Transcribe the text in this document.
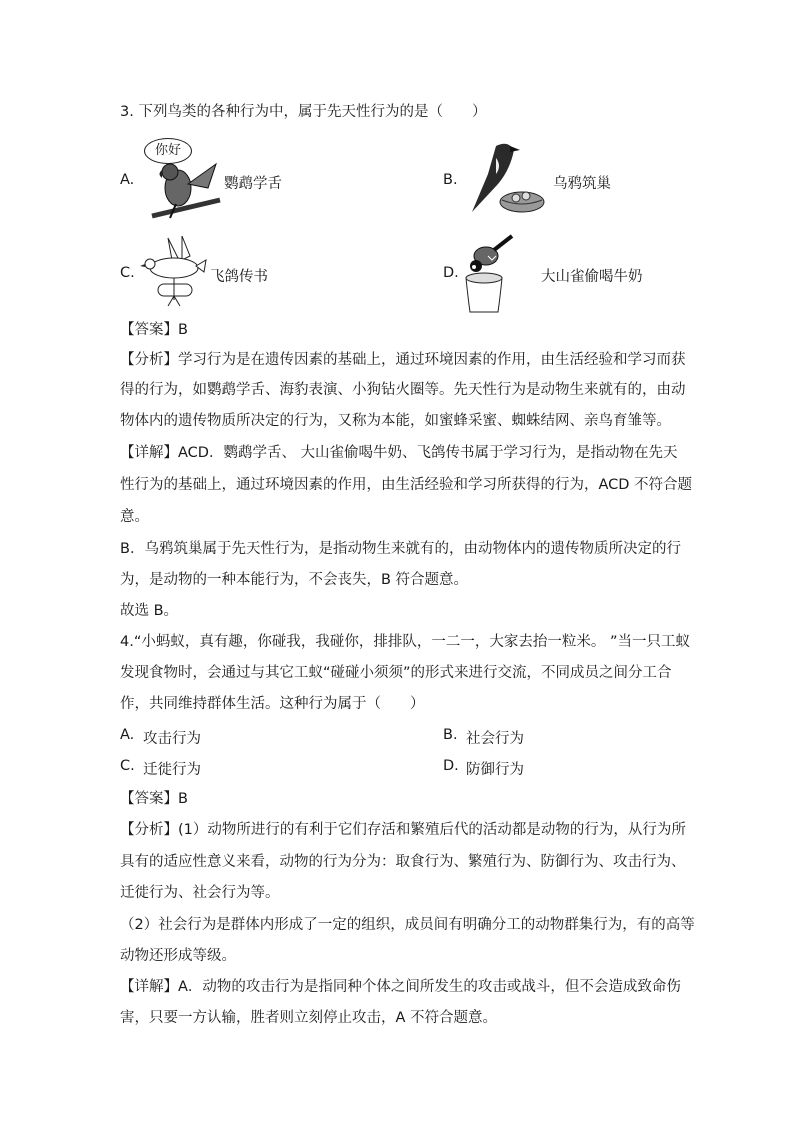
3. 下列鸟类的各种行为中，属于先天性行为的是（　　）
A.
你好
鹦鹉学舌	B.	乌鸦筑巢
C.	飞鸽传书	D.	大山雀偷喝牛奶
【答案】B
【分析】学习行为是在遗传因素的基础上，通过环境因素的作用，由生活经验和学习而获
得的行为，如鹦鹉学舌、海豹表演、小狗钻火圈等。先天性行为是动物生来就有的，由动
物体内的遗传物质所决定的行为，又称为本能，如蜜蜂采蜜、蜘蛛结网、亲鸟育雏等。
【详解】ACD．鹦鹉学舌、 大山雀偷喝牛奶、飞鸽传书属于学习行为，是指动物在先天
性行为的基础上，通过环境因素的作用，由生活经验和学习所获得的行为，ACD 不符合题
意。
B．乌鸦筑巢属于先天性行为，是指动物生来就有的，由动物体内的遗传物质所决定的行
为，是动物的一种本能行为，不会丧失，B 符合题意。
故选 B。
4.“小蚂蚁，真有趣，你碰我，我碰你，排排队，一二一，大家去抬一粒米。 ”当一只工蚁
发现食物时，会通过与其它工蚁“碰碰小须须”的形式来进行交流，不同成员之间分工合
作，共同维持群体生活。这种行为属于（　　）
A. 攻击行为	B. 社会行为
C. 迁徙行为	D. 防御行为
【答案】B
【分析】(1）动物所进行的有利于它们存活和繁殖后代的活动都是动物的行为，从行为所
具有的适应性意义来看，动物的行为分为：取食行为、繁殖行为、防御行为、攻击行为、
迁徙行为、社会行为等。
（2）社会行为是群体内形成了一定的组织，成员间有明确分工的动物群集行为，有的高等
动物还形成等级。
【详解】A．动物的攻击行为是指同种个体之间所发生的攻击或战斗，但不会造成致命伤
害，只要一方认输，胜者则立刻停止攻击，A 不符合题意。
